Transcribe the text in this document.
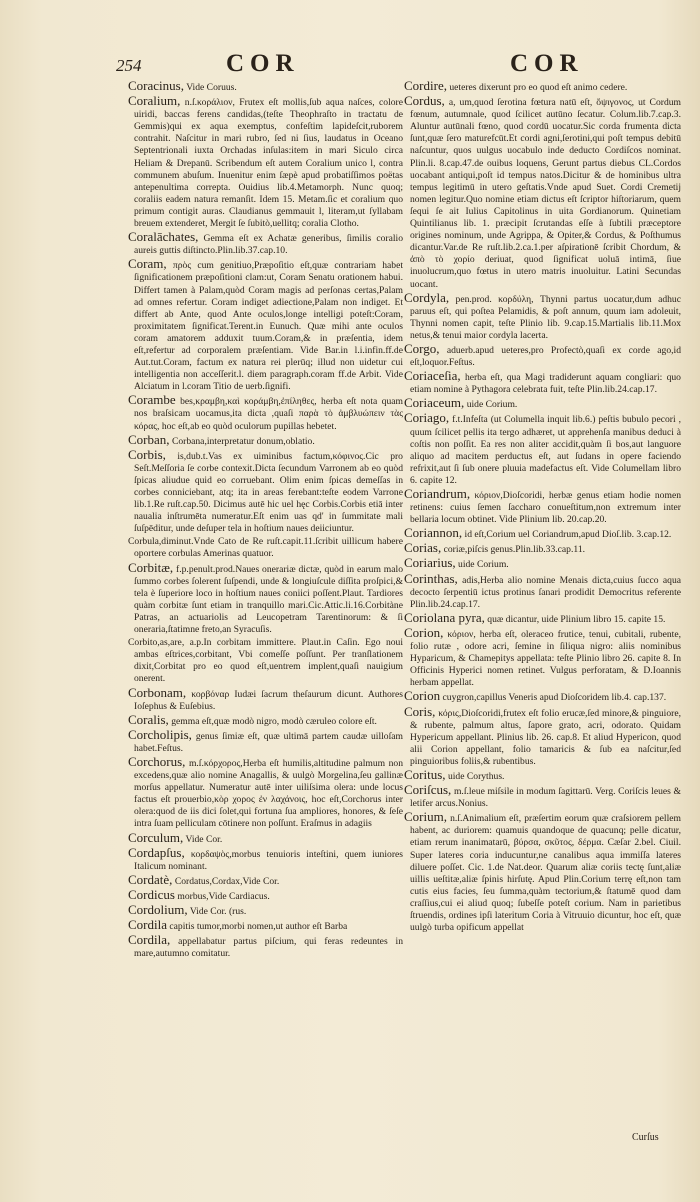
254	COR	COR

Coracinus, Vide Coruus.

Coralium, n.ſ.κοράλιον, Frutex eſt mollis,ſub aqua naſces, colore uiridi, baccas ferens candidas,(teſte Theophraſto in tractatu de Gemmis)qui ex aqua exemptus, confeſtim lapideſcit,ruborem contrahit. Naſcitur in mari rubro, ſed ni ſius, laudatus in Oceano Septentrionali iuxta Orchadas inſulas:item in mari Siculo circa Heliam & Drepanū. Scribendum eſt autem Coralium unico l, contra communem abuſum. Inuenitur enim ſæpè apud probatiſſimos poëtas antepenultima correpta. Ouidius lib.4.Metamorph. Nunc quoq; coraliis eadem natura remanſit. Idem 15. Metam.ſic et coralium quo primum contigit auras. Claudianus gemmauit l, literam,ut ſyllabam breuem extenderet, Mergit ſe ſubitò,uellitq; coralia Clotho.

Coralāchates, Gemma eſt ex Achatæ generibus, ſimilis coralio aureis guttis diſtincto.Plin.lib.37.cap.10.

Coram, πρὸς cum genitiuo,Præpoſitio eſt,quæ contrariam habet ſignificationem præpoſitioni clam:ut, Coram Senatu orationem habui. Differt tamen à Palam,quòd Coram magis ad perſonas certas,Palam ad omnes refertur. Coram indiget adiectione,Palam non indiget. Et differt ab Ante, quod Ante oculos,longe intelligi poteſt:Coram, proximitatem ſignificat.Terent.in Eunuch. Quæ mihi ante oculos coram amatorem adduxit tuum.Coram,& in præſentia, idem eſt,refertur ad corporalem præſentiam. Vide Bar.in l.i.infin.ff.de Aut.tut.Coram, factum ex natura rei plerūq; illud non uidetur cui intelligentia non acceſſerit.l. diem paragraph.coram ff.de Arbit. Vide Alciatum in l.coram Titio de uerb.ſignifi.

Corambe bes,κραμβη,καὶ κοράμβη,ἐπίληθες, herba eſt nota quam nos braſsicam uocamus,ita dicta ,quaſi παρὰ τὸ ἀμβλυώπειν τὰς κόρας, hoc eſt,ab eo quòd oculorum pupillas hebetet.

Corban, Corbana,interpretatur donum,oblatio.

Corbis, is,dub.t.Vas ex uiminibus factum,κόφινος.Cic pro Seſt.Meſſoria ſe corbe contexit.Dicta ſecundum Varronem ab eo quòd ſpicas aliudue quid eo corruebant. Olim enim ſpicas demeſſas in corbes conniciebant, atq; ita in areas ferebant:teſte eodem Varrone lib.1.Re ruſt.cap.50. Dicimus autē hic uel hęc Corbis.Corbis etiā inter naualia inſtrumēta numeratur.Eſt enim uas qd' in ſummitate mali ſuſpēditur, unde deſuper tela in hoſtium naues deiiciuntur.

Corbula,diminut.Vnde Cato de Re ruſt.capit.11.ſcribit uillicum habere oportere corbulas Amerinas quatuor.

Corbitæ, f.p.penult.prod.Naues onerariæ dictæ, quòd in earum malo ſummo corbes ſolerent ſuſpendi, unde & longiuſcule diſſita proſpici,& tela è ſuperiore loco in hoſtium naues coniici poſſent.Plaut. Tardiores quàm corbitæ ſunt etiam in tranquillo mari.Cic.Attic.li.16.Corbitàne Patras, an actuariolis ad Leucopetram Tarentinorum: & ſi oneraria,ſtatimne freto,an Syracuſis.

Corbito,as,are, a.p.In corbitam immittere. Plaut.in Caſin. Ego noui ambas eſtrices,corbitant, Vbi comeſſe poſſunt. Per tranſlationem dixit,Corbitat pro eo quod eſt,uentrem implent,quaſi nauigium onerent.

Corbonam, κορβόναρ Iudæi ſacrum theſaurum dicunt. Authores Ioſephus & Euſebius.

Coralis, gemma eſt,quæ modò nigro, modò cæruleo colore eſt.

Corcholipis, genus ſimiæ eſt, quæ ultimā partem caudæ uilloſam habet.Feſtus.

Corchorus, m.ſ.κόρχορος,Herba eſt humilis,altitudine palmum non excedens,quæ alio nomine Anagallis, & uulgò Morgelina,ſeu gallinæ morſus appellatur. Numeratur autē inter uiliſsima olera: unde locus factus eſt prouerbio,κὸρ χορος ἐν λαχάνοις, hoc eſt,Corchorus inter olera:quod de iis dici ſolet,qui fortuna ſua ampliores, honores, & ſeſe intra ſuam pelliculam cōtinere non poſſunt. Eraſmus in adagiis

Corculum, Vide Cor.

Cordapſus, κορδαψὸς,morbus tenuioris inteſtini, quem iuniores Italicum nominant.

Cordatè, Cordatus,Cordax,Vide Cor.

Cordicus morbus,Vide Cardiacus.

Cordolium, Vide Cor. (rus.

Cordila capitis tumor,morbi nomen,ut author eſt Barba

Cordila, appellabatur partus piſcium, qui feras redeuntes in mare,autumno comitatur.

Cordire, ueteres dixerunt pro eo quod eſt animo cedere.

Cordus, a, um,quod ſerotina fœtura natū eſt, ὄψιγονος, ut Cordum fœnum, autumnale, quod ſcilicet autūno ſecatur. Colum.lib.7.cap.3. Aluntur autūnali fœno, quod cordū uocatur.Sic corda frumenta dicta ſunt,quæ ſero maturefcūt.Et cordi agni,ſerotini,qui poſt tempus debitū naſcuntur, quos uulgus uocabulo inde deducto Cordiſcos nominat. Plin.li. 8.cap.47.de ouibus loquens, Gerunt partus diebus CL.Cordos uocabant antiqui,poſt id tempus natos.Dicitur & de hominibus ultra tempus legitimū in utero geſtatis.Vnde apud Suet. Cordi Cremetij nomen legitur.Quo nomine etiam dictus eſt ſcriptor hiſtoriarum, quem ſequi ſe ait Iulius Capitolinus in uita Gordianorum. Quinetiam Quintilianus lib. 1. præcipit ſcrutandas eſſe à ſubtili præceptore origines nominum, unde Agrippa, & Opiter,& Cordus, & Poſthumus dicantur.Var.de Re ruſt.lib.2.ca.1.per aſpirationē ſcribit Chordum, & ἀπὸ τὸ χορίο deriuat, quod ſignificat uoluā intimā, ſiue inuolucrum,quo fœtus in utero matris inuoluitur. Latini Secundas uocant.

Cordyla, pen.prod. κορδύλη, Thynni partus uocatur,dum adhuc paruus eſt, qui poſtea Pelamidis, & poſt annum, quum iam adoleuit, Thynni nomen capit, teſte Plinio lib. 9.cap.15.Martialis lib.11.Mox netus,& tenui maior cordyla lacerta.

Corgo, aduerb.apud ueteres,pro Profectò,quaſi ex corde ago,id eſt,loquor.Feſtus.

Coriaceſia, herba eſt, qua Magi tradiderunt aquam congliari: quo etiam nomine à Pythagora celebrata fuit, teſte Plin.lib.24.cap.17.

Coriaceum, uide Corium.

Coriago, f.t.Infeſta (ut Columella inquit lib.6.) peſtis bubulo pecori , quum ſcilicet pellis ita tergo adhæret, ut apprehenſa manibus deduci à coſtis non poſſit. Ea res non aliter accidit,quàm ſi bos,aut languore aliquo ad macitem perductus eſt, aut ſudans in opere faciendo refrixit,aut ſi ſub onere pluuia madefactus eſt. Vide Columellam libro 6. capite 12.

Coriandrum, κόριον,Dioſcoridi, herbæ genus etiam hodie nomen retinens: cuius ſemen ſaccharo conueſtitum,non extremum inter bellaria locum obtinet. Vide Plinium lib. 20.cap.20.

Coriannon, id eſt,Corium uel Coriandrum,apud Dioſ.lib. 3.cap.12.

Corias, coriæ,piſcis genus.Plin.lib.33.cap.11.

Coriarius, uide Corium.

Corinthas, adis,Herba alio nomine Menais dicta,cuius ſucco aqua decocto ſerpentiū ictus protinus ſanari prodidit Democritus referente Plin.lib.24.cap.17.

Coriolana pyra, quæ dicantur, uide Plinium libro 15. capite 15.

Corion, κόριον, herba eſt, oleraceo frutice, tenui, cubitali, rubente, folio rutæ , odore acri, ſemine in ſiliqua nigro: aliis nominibus Hyparicum, & Chamepitys appellata: teſte Plinio libro 26. capite 8. In Officinis Hyperici nomen retinet. Vulgus perforatam, & D.Ioannis herbam appellat.

Corion cuygron,capillus Veneris apud Dioſcoridem lib.4. cap.137.

Coris, κόρις,Dioſcoridi,frutex eſt folio erucæ,ſed minore,& pinguiore, & rubente, palmum altus, ſapore grato, acri, odorato. Quidam Hypericum appellant. Plinius lib. 26. cap.8. Et aliud Hypericon, quod alii Corion appellant, folio tamaricis & ſub ea naſcitur,ſed pinguioribus foliis,& rubentibus.

Coritus, uide Corythus.

Coriſcus, m.ſ.leue miſsile in modum ſagittarū. Verg. Coriſcis leues & letifer arcus.Nonius.

Corium, n.ſ.Animalium eſt, præſertim eorum quæ craſsiorem pellem habent, ac duriorem: quamuis quandoque de quacunq; pelle dicatur, etiam rerum inanimatarū, βύρσα, σκῦτος, δέρμα. Cæſar 2.bel. Ciuil. Super lateres coria inducuntur,ne canalibus aqua immiſſa lateres diluere poſſet. Cic. 1.de Nat.deor. Quarum aliæ coriis tectę ſunt,aliæ uillis ueſtitæ,aliæ ſpinis hirſutę. Apud Plin.Corium terrę eſt,non tam cutis eius facies, ſeu ſumma,quàm tectorium,& ſtatumē quod dam craſſius,cui ei aliud quoq; ſubeſſe poteſt corium. Nam in parietibus ſtruendis, ordines ipſi lateritum Coria à Vitruuio dicuntur, hoc eſt, quæ uulgò turba opificum appellat

Curſus
